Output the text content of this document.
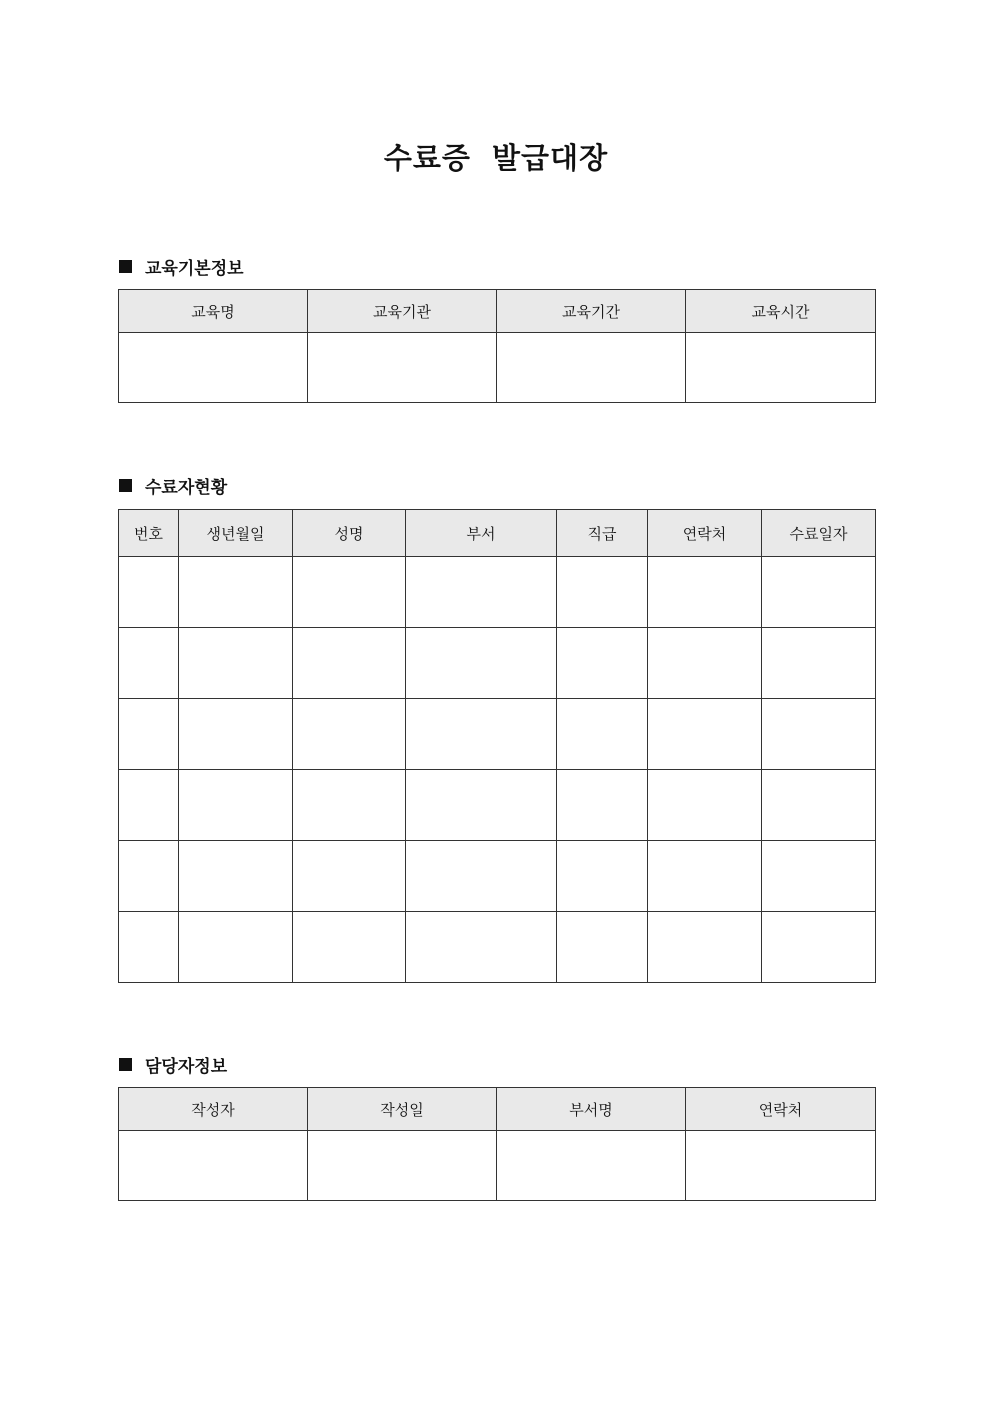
수료증 발급대장
교육기본정보
교육명	교육기관	교육기간	교육시간

수료자현황
번호	생년월일	성명	부서	직급	연락처	수료일자

담당자정보
작성자	작성일	부서명	연락처
